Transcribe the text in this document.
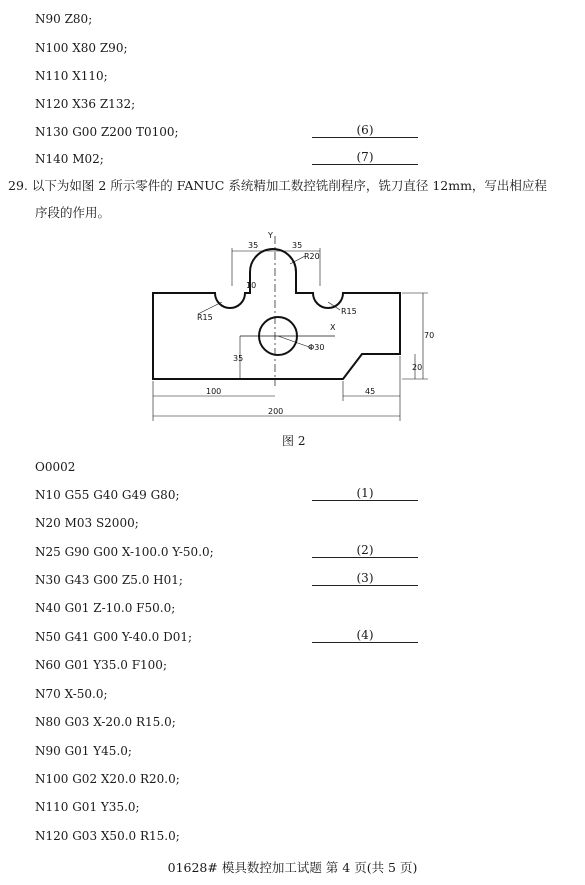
N90 Z80;
N100 X80 Z90;
N110 X110;
N120 X36 Z132;
N130 G00 Z200 T0100;	(6)
N140 M02;	(7)
29. 以下为如图 2 所示零件的 FANUC 系统精加工数控铣削程序，铣刀直径 12mm，写出相应程
序段的作用。
Y
X
35	35
R20
10
R15
R15
Φ30
70
35
20
100	45
200
图 2
O0002
N10 G55 G40 G49 G80;	(1)
N20 M03 S2000;
N25 G90 G00 X-100.0 Y-50.0;	(2)
N30 G43 G00 Z5.0 H01;	(3)
N40 G01 Z-10.0 F50.0;
N50 G41 G00 Y-40.0 D01;	(4)
N60 G01 Y35.0 F100;
N70 X-50.0;
N80 G03 X-20.0 R15.0;
N90 G01 Y45.0;
N100 G02 X20.0 R20.0;
N110 G01 Y35.0;
N120 G03 X50.0 R15.0;
01628# 模具数控加工试题 第 4 页(共 5 页)
